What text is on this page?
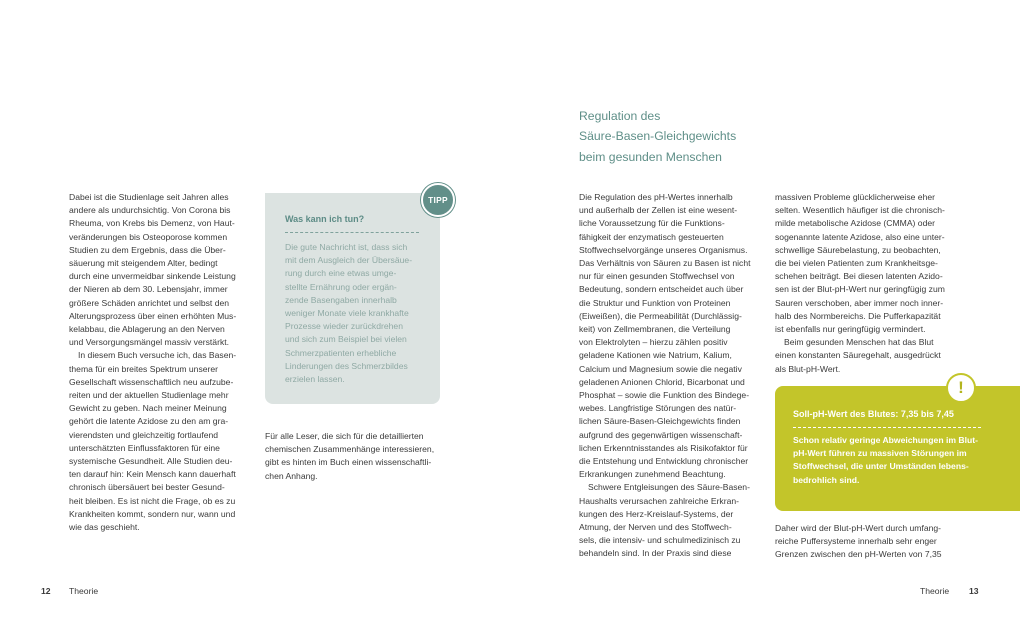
Dabei ist die Studienlage seit Jahren alles

andere als undurchsichtig. Von Corona bis

Rheuma, von Krebs bis Demenz, von Haut-

veränderungen bis Osteoporose kommen

Studien zu dem Ergebnis, dass die Über-

säuerung mit steigendem Alter, bedingt

durch eine unvermeidbar sinkende Leistung

der Nieren ab dem 30. Lebensjahr, immer

größere Schäden anrichtet und selbst den

Alterungsprozess über einen erhöhten Mus-

kelabbau, die Ablagerung an den Nerven

und Versorgungsmängel massiv verstärkt.

In diesem Buch versuche ich, das Basen-

thema für ein breites Spektrum unserer

Gesellschaft wissenschaftlich neu aufzube-

reiten und der aktuellen Studienlage mehr

Gewicht zu geben. Nach meiner Meinung

gehört die latente Azidose zu den am gra-

vierendsten und gleichzeitig fortlaufend

unterschätzten Einflussfaktoren für eine

systemische Gesundheit. Alle Studien deu-

ten darauf hin: Kein Mensch kann dauerhaft

chronisch übersäuert bei bester Gesund-

heit bleiben. Es ist nicht die Frage, ob es zu

Krankheiten kommt, sondern nur, wann und

wie das geschieht.

Was kann ich tun?

Die gute Nachricht ist, dass sich

mit dem Ausgleich der Übersäue-

rung durch eine etwas umge-

stellte Ernährung oder ergän-

zende Basengaben innerhalb

weniger Monate viele krankhafte

Prozesse wieder zurückdrehen

und sich zum Beispiel bei vielen

Schmerzpatienten erhebliche

Linderungen des Schmerzbildes

erzielen lassen.

TIPP

Für alle Leser, die sich für die detaillierten

chemischen Zusammenhänge interessieren,

gibt es hinten im Buch einen wissenschaftli-

chen Anhang.

12 Theorie
Regulation des
Säure-Basen-Gleichgewichts
beim gesunden Menschen

Die Regulation des pH-Wertes innerhalb

und außerhalb der Zellen ist eine wesent-

liche Voraussetzung für die Funktions-

fähigkeit der enzymatisch gesteuerten

Stoffwechselvorgänge unseres Organismus.

Das Verhältnis von Säuren zu Basen ist nicht

nur für einen gesunden Stoffwechsel von

Bedeutung, sondern entscheidet auch über

die Struktur und Funktion von Proteinen

(Eiweißen), die Permeabilität (Durchlässig-

keit) von Zellmembranen, die Verteilung

von Elektrolyten – hierzu zählen positiv

geladene Kationen wie Natrium, Kalium,

Calcium und Magnesium sowie die negativ

geladenen Anionen Chlorid, Bicarbonat und

Phosphat – sowie die Funktion des Bindege-

webes. Langfristige Störungen des natür-

lichen Säure-Basen-Gleichgewichts finden

aufgrund des gegenwärtigen wissenschaft-

lichen Erkenntnisstandes als Risikofaktor für

die Entstehung und Entwicklung chronischer

Erkrankungen zunehmend Beachtung.

Schwere Entgleisungen des Säure-Basen-

Haushalts verursachen zahlreiche Erkran-

kungen des Herz-Kreislauf-Systems, der

Atmung, der Nerven und des Stoffwech-

sels, die intensiv- und schulmedizinisch zu

behandeln sind. In der Praxis sind diese

massiven Probleme glücklicherweise eher

selten. Wesentlich häufiger ist die chronisch-

milde metabolische Azidose (CMMA) oder

sogenannte latente Azidose, also eine unter-

schwellige Säurebelastung, zu beobachten,

die bei vielen Patienten zum Krankheitsge-

schehen beiträgt. Bei diesen latenten Azido-

sen ist der Blut-pH-Wert nur geringfügig zum

Sauren verschoben, aber immer noch inner-

halb des Normbereichs. Die Pufferkapazität

ist ebenfalls nur geringfügig vermindert.

Beim gesunden Menschen hat das Blut

einen konstanten Säuregehalt, ausgedrückt

als Blut-pH-Wert.

Soll-pH-Wert des Blutes: 7,35 bis 7,45

Schon relativ geringe Abweichungen im Blut-

pH-Wert führen zu massiven Störungen im

Stoffwechsel, die unter Umständen lebens-

bedrohlich sind.

!

Daher wird der Blut-pH-Wert durch umfang-

reiche Puffersysteme innerhalb sehr enger

Grenzen zwischen den pH-Werten von 7,35

Theorie 13
